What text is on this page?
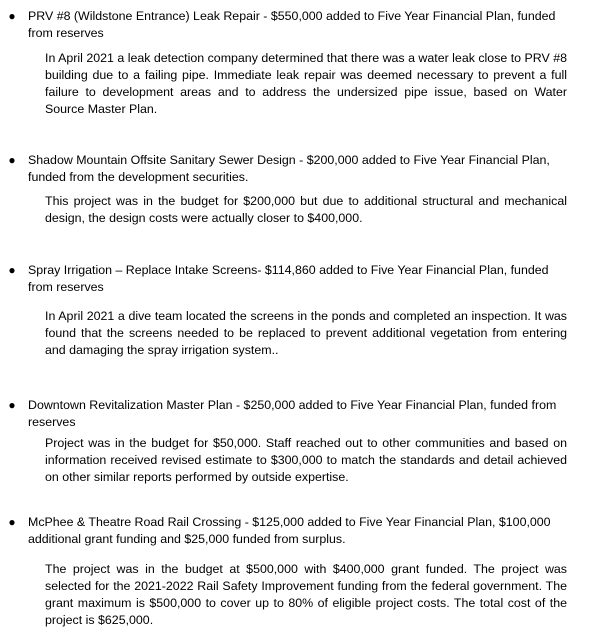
● PRV #8 (Wildstone Entrance) Leak Repair - $550,000 added to Five Year Financial Plan, funded from reserves
In April 2021 a leak detection company determined that there was a water leak close to PRV #8 building due to a failing pipe. Immediate leak repair was deemed necessary to prevent a full failure to development areas and to address the undersized pipe issue, based on Water Source Master Plan.
● Shadow Mountain Offsite Sanitary Sewer Design - $200,000 added to Five Year Financial Plan, funded from the development securities.
This project was in the budget for $200,000 but due to additional structural and mechanical design, the design costs were actually closer to $400,000.
● Spray Irrigation – Replace Intake Screens- $114,860 added to Five Year Financial Plan, funded from reserves
In April 2021 a dive team located the screens in the ponds and completed an inspection. It was found that the screens needed to be replaced to prevent additional vegetation from entering and damaging the spray irrigation system..
● Downtown Revitalization Master Plan - $250,000 added to Five Year Financial Plan, funded from reserves
Project was in the budget for $50,000. Staff reached out to other communities and based on information received revised estimate to $300,000 to match the standards and detail achieved on other similar reports performed by outside expertise.
● McPhee & Theatre Road Rail Crossing - $125,000 added to Five Year Financial Plan, $100,000 additional grant funding and $25,000 funded from surplus.
The project was in the budget at $500,000 with $400,000 grant funded. The project was selected for the 2021-2022 Rail Safety Improvement funding from the federal government. The grant maximum is $500,000 to cover up to 80% of eligible project costs. The total cost of the project is $625,000.
